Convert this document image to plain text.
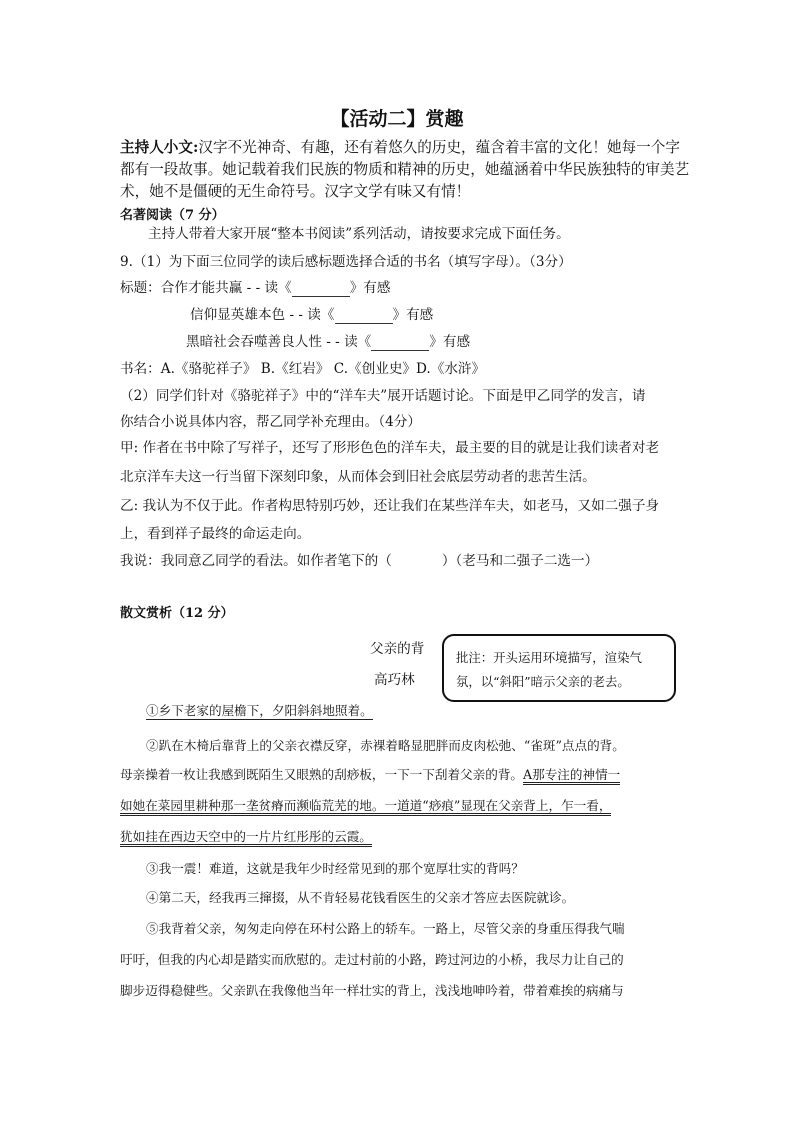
【活动二】赏趣
主持人小文:汉字不光神奇、有趣，还有着悠久的历史，蕴含着丰富的文化！她每一个字都有一段故事。她记载着我们民族的物质和精神的历史，她蕴涵着中华民族独特的审美艺术，她不是僵硬的无生命符号。汉字文学有味又有情！
名著阅读（7 分）
主持人带着大家开展“整本书阅读”系列活动，请按要求完成下面任务。
9.（1）为下面三位同学的读后感标题选择合适的书名（填写字母）。（3分）
标题：合作才能共赢 - - 读《	》有感
信仰显英雄本色 - - 读《	》有感
黑暗社会吞噬善良人性 - - 读《	》有感
书名：A.《骆驼祥子》 B.《红岩》 C.《创业史》D.《水浒》
（2）同学们针对《骆驼祥子》中的“洋车夫”展开话题讨论。下面是甲乙同学的发言，请
你结合小说具体内容，帮乙同学补充理由。（4分）
甲: 作者在书中除了写祥子，还写了形形色色的洋车夫，最主要的目的就是让我们读者对老
北京洋车夫这一行当留下深刻印象，从而体会到旧社会底层劳动者的悲苦生活。
乙: 我认为不仅于此。作者构思特别巧妙，还让我们在某些洋车夫，如老马，又如二强子身
上，看到祥子最终的命运走向。
我说：我同意乙同学的看法。如作者笔下的（	）（老马和二强子二选一）
散文赏析（12 分）
父亲的背
高巧林
批注：开头运用环境描写，渲染气氛，以“斜阳”暗示父亲的老去。
①乡下老家的屋檐下，夕阳斜斜地照着。
②趴在木椅后靠背上的父亲衣襟反穿，赤裸着略显肥胖而皮肉松弛、“雀斑”点点的背。
母亲操着一枚让我感到既陌生又眼熟的刮痧板，一下一下刮着父亲的背。A那专注的神情一
如她在菜园里耕种那一垄贫瘠而濒临荒芜的地。一道道“痧痕”显现在父亲背上，乍一看，
犹如挂在西边天空中的一片片红彤彤的云霞。
③我一震！难道，这就是我年少时经常见到的那个宽厚壮实的背吗？
④第二天，经我再三撺掇，从不肯轻易花钱看医生的父亲才答应去医院就诊。
⑤我背着父亲，匆匆走向停在环村公路上的轿车。一路上，尽管父亲的身重压得我气喘
吁吁，但我的内心却是踏实而欣慰的。走过村前的小路，跨过河边的小桥，我尽力让自己的
脚步迈得稳健些。父亲趴在我像他当年一样壮实的背上，浅浅地呻吟着，带着难挨的病痛与
